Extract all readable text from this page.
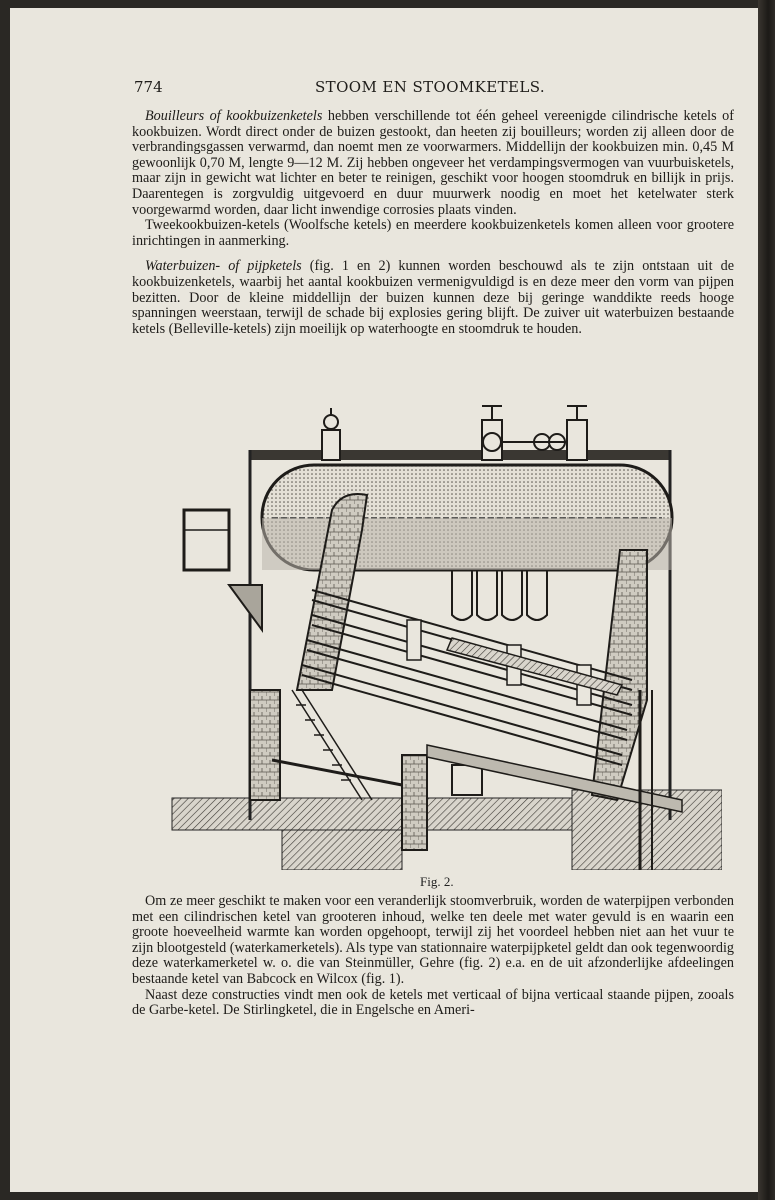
774	STOOM EN STOOMKETELS.

Bouilleurs of kookbuizenketels hebben verschillende tot één geheel vereenigde cilindrische ketels of kookbuizen. Wordt direct onder de buizen gestookt, dan heeten zij bouilleurs; worden zij alleen door de verbrandingsgassen verwarmd, dan noemt men ze voorwarmers. Middellijn der kookbuizen min. 0,45 M gewoonlijk 0,70 M, lengte 9—12 M. Zij hebben ongeveer het verdampingsvermogen van vuurbuisketels, maar zijn in gewicht wat lichter en beter te reinigen, geschikt voor hoogen stoomdruk en billijk in prijs. Daarentegen is zorgvuldig uitgevoerd en duur muurwerk noodig en moet het ketelwater sterk voorgewarmd worden, daar licht inwendige corrosies plaats vinden.

Tweekookbuizen-ketels (Woolfsche ketels) en meerdere kookbuizenketels komen alleen voor grootere inrichtingen in aanmerking.

Waterbuizen- of pijpketels (fig. 1 en 2) kunnen worden beschouwd als te zijn ontstaan uit de kookbuizenketels, waarbij het aantal kookbuizen vermenigvuldigd is en deze meer den vorm van pijpen bezitten. Door de kleine middellijn der buizen kunnen deze bij geringe wanddikte reeds hooge spanningen weerstaan, terwijl de schade bij explosies gering blijft. De zuiver uit waterbuizen bestaande ketels (Belleville-ketels) zijn moeilijk op waterhoogte en stoomdruk te houden.

Fig. 2.

Om ze meer geschikt te maken voor een veranderlijk stoomverbruik, worden de waterpijpen verbonden met een cilindrischen ketel van grooteren inhoud, welke ten deele met water gevuld is en waarin een groote hoeveelheid warmte kan worden opgehoopt, terwijl zij het voordeel hebben niet aan het vuur te zijn blootgesteld (waterkamerketels). Als type van stationnaire waterpijpketel geldt dan ook tegenwoordig deze waterkamerketel w. o. die van Steinmüller, Gehre (fig. 2) e.a. en de uit afzonderlijke afdeelingen bestaande ketel van Babcock en Wilcox (fig. 1).

Naast deze constructies vindt men ook de ketels met verticaal of bijna verticaal staande pijpen, zooals de Garbe-ketel. De Stirlingketel, die in Engelsche en Ameri-
